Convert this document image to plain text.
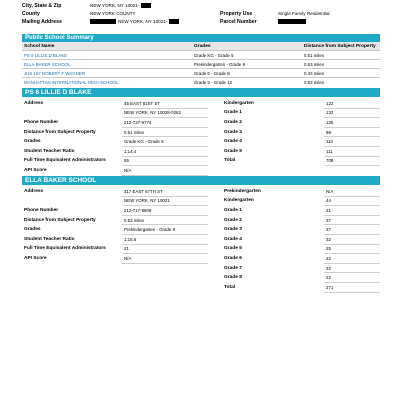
City, State & Zip	NEW YORK, NY 10021-
County	NEW YORK COUNTY
Mailing Address	NEW YORK, NY 10021-
Property Use	Single Family Residential
Parcel Number
Public School Summary
School Name	Grades	Distance from Subject Property
PS 6 LILLIE D BLAKE	Grade KG - Grade 5	0.51 miles
ELLA BAKER SCHOOL	Prekindergarten - Grade 8	0.53 miles
JHS 167 ROBERT F WAGNER	Grade 6 - Grade 8	0.43 miles
MANHATTAN INTERNATIONAL HIGH SCHOOL	Grade 9 - Grade 12	0.53 miles
PS 6 LILLIE D BLAKE
Address	45 EAST 81ST ST		Kindergarten	122
	NEW YORK, NY 10028-0262		Grade 1	132
Phone Number	212-737-9774		Grade 2	135
Distance from Subject Property	0.51 miles		Grade 3	98
Grades	Grade KG - Grade 5		Grade 4	110
Student Teacher Ratio	1:14.4		Grade 5	111
Full Time Equivalent Administrators	55		Total	708
API Score	N/A			
ELLA BAKER SCHOOL
Address	317 EAST 67TH ST		Prekindergarten	N/A
	NEW YORK, NY 10021		Kindergarten	44
Phone Number	212-717-8809		Grade 1	31
Distance from Subject Property	0.53 miles		Grade 2	37
Grades	Prekindergarten - Grade 8		Grade 3	37
Student Teacher Ratio	1:15.6		Grade 4	32
Full Time Equivalent Administrators	21		Grade 5	25
API Score	N/A		Grade 6	22
			Grade 7	22
			Grade 8	22
			Total	271
